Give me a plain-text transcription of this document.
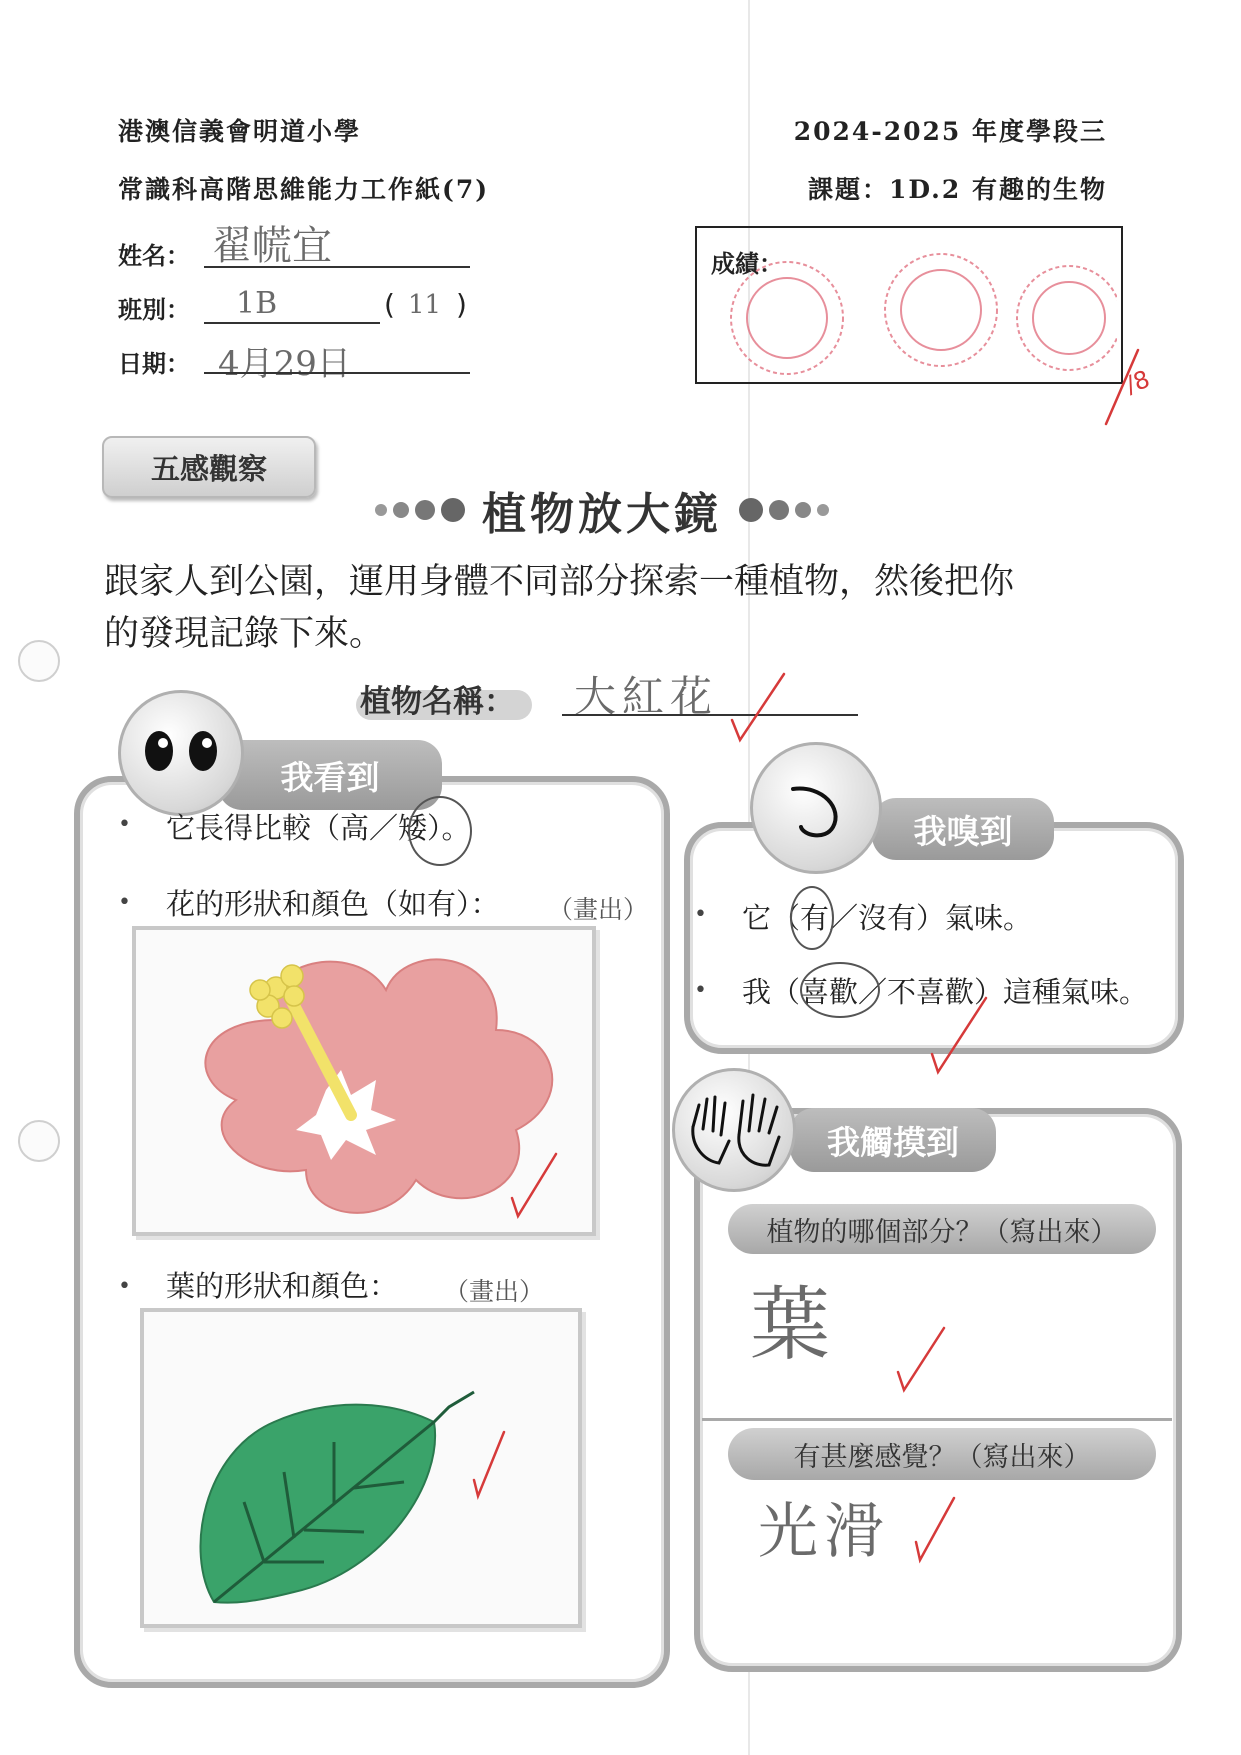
港澳信義會明道小學
常識科高階思維能力工作紙(7)
2024-2025 年度學段三
課題：1D.2 有趣的生物
姓名： 翟㡛宜
班別： 1B	( 11 )
日期： 4月29日
成績：
/8
五感觀察
植物放大鏡
跟家人到公園，運用身體不同部分探索一種植物，然後把你
的發現記錄下來。
植物名稱： 大紅花
我看到
• 它長得比較（高／矮）。
• 花的形狀和顏色（如有）： （畫出）
• 葉的形狀和顏色： （畫出）
我嗅到
• 它（有／沒有）氣味。
• 我（喜歡／不喜歡）這種氣味。
我觸摸到
植物的哪個部分？（寫出來）
葉
有甚麼感覺？（寫出來）
光滑
